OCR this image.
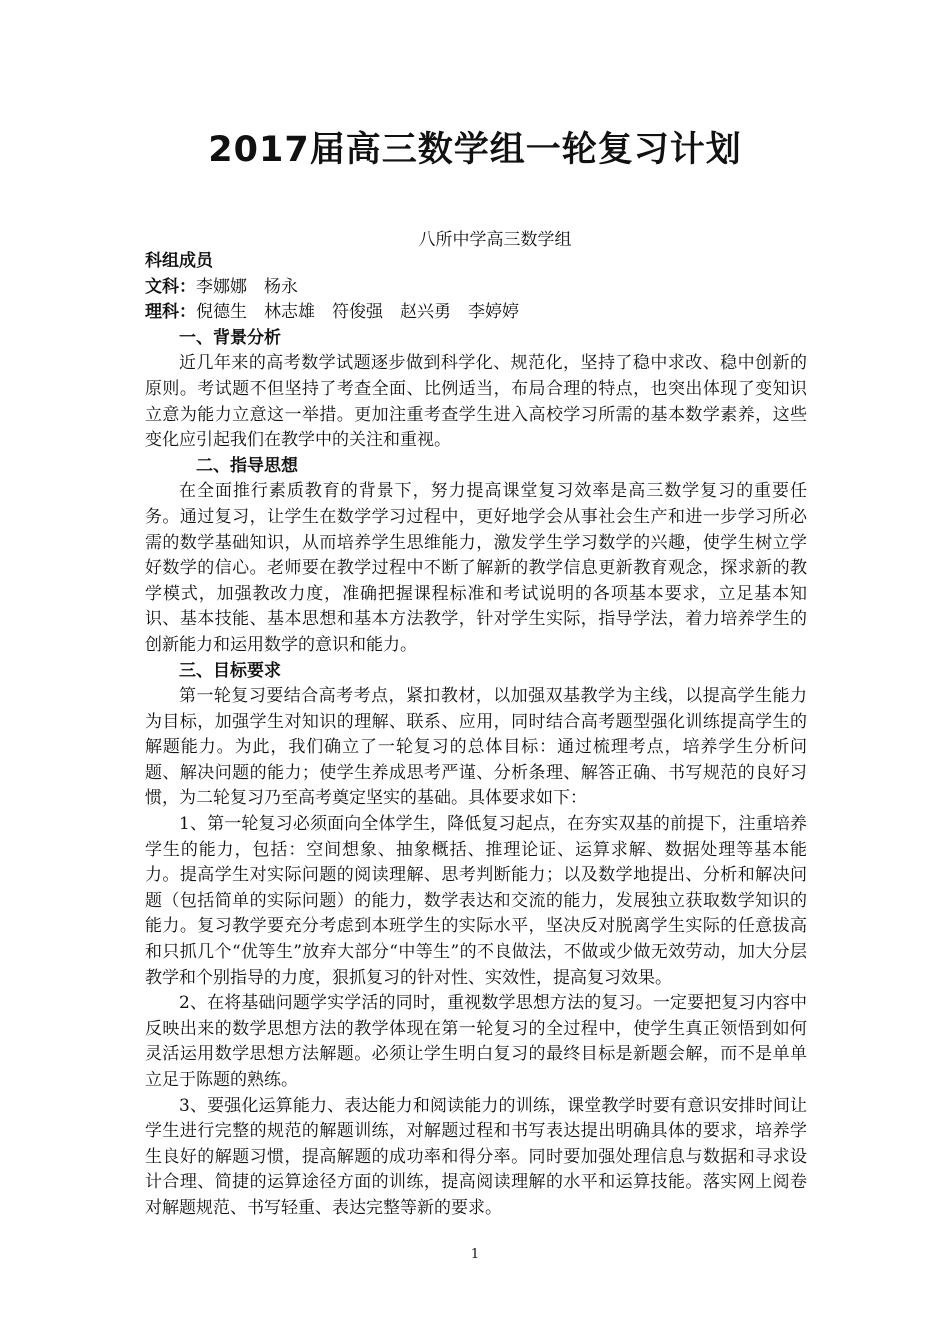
2017届高三数学组一轮复习计划
八所中学高三数学组

科组成员

文科：李娜娜　杨永

理科：倪德生　林志雄　符俊强　赵兴勇　李婷婷

一、背景分析

近几年来的高考数学试题逐步做到科学化、规范化，坚持了稳中求改、稳中创新的原则。考试题不但坚持了考查全面、比例适当，布局合理的特点，也突出体现了变知识立意为能力立意这一举措。更加注重考查学生进入高校学习所需的基本数学素养，这些变化应引起我们在教学中的关注和重视。

二、指导思想

在全面推行素质教育的背景下，努力提高课堂复习效率是高三数学复习的重要任务。通过复习，让学生在数学学习过程中，更好地学会从事社会生产和进一步学习所必需的数学基础知识，从而培养学生思维能力，激发学生学习数学的兴趣，使学生树立学好数学的信心。老师要在教学过程中不断了解新的教学信息更新教育观念，探求新的教学模式，加强教改力度，准确把握课程标准和考试说明的各项基本要求，立足基本知识、基本技能、基本思想和基本方法教学，针对学生实际，指导学法，着力培养学生的创新能力和运用数学的意识和能力。

三、目标要求

第一轮复习要结合高考考点，紧扣教材，以加强双基教学为主线，以提高学生能力为目标，加强学生对知识的理解、联系、应用，同时结合高考题型强化训练提高学生的解题能力。为此，我们确立了一轮复习的总体目标：通过梳理考点，培养学生分析问题、解决问题的能力；使学生养成思考严谨、分析条理、解答正确、书写规范的良好习惯，为二轮复习乃至高考奠定坚实的基础。具体要求如下：

1、第一轮复习必须面向全体学生，降低复习起点，在夯实双基的前提下，注重培养学生的能力，包括：空间想象、抽象概括、推理论证、运算求解、数据处理等基本能力。提高学生对实际问题的阅读理解、思考判断能力；以及数学地提出、分析和解决问题（包括简单的实际问题）的能力，数学表达和交流的能力，发展独立获取数学知识的能力。复习教学要充分考虑到本班学生的实际水平，坚决反对脱离学生实际的任意拔高和只抓几个“优等生”放弃大部分“中等生”的不良做法，不做或少做无效劳动，加大分层教学和个别指导的力度，狠抓复习的针对性、实效性，提高复习效果。

2、在将基础问题学实学活的同时，重视数学思想方法的复习。一定要把复习内容中反映出来的数学思想方法的教学体现在第一轮复习的全过程中，使学生真正领悟到如何灵活运用数学思想方法解题。必须让学生明白复习的最终目标是新题会解，而不是单单立足于陈题的熟练。

3、要强化运算能力、表达能力和阅读能力的训练，课堂教学时要有意识安排时间让学生进行完整的规范的解题训练，对解题过程和书写表达提出明确具体的要求，培养学生良好的解题习惯，提高解题的成功率和得分率。同时要加强处理信息与数据和寻求设计合理、简捷的运算途径方面的训练，提高阅读理解的水平和运算技能。落实网上阅卷对解题规范、书写轻重、表达完整等新的要求。

1
